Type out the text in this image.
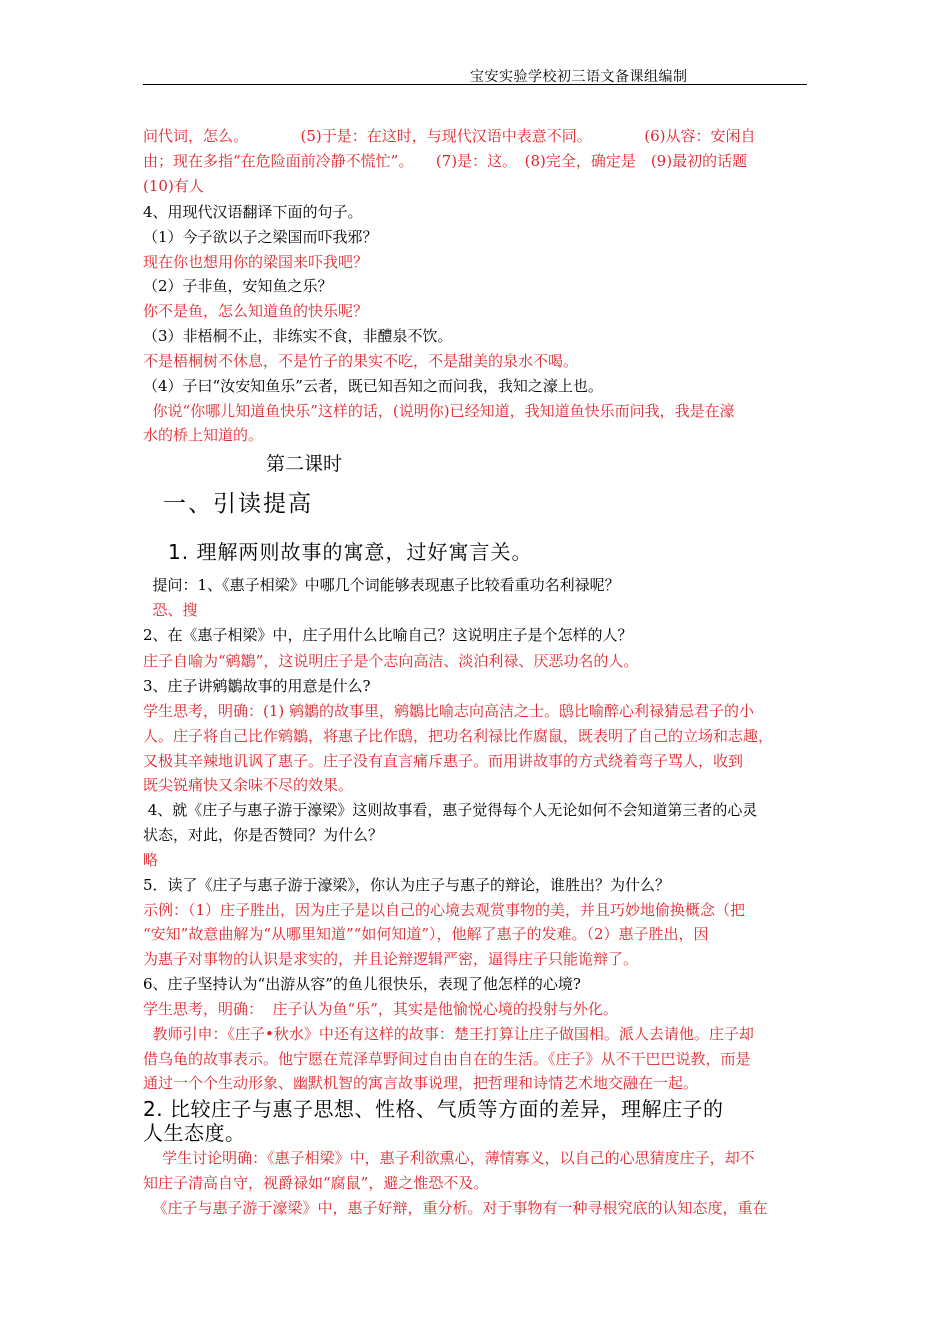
宝安实验学校初三语文备课组编制
问代词，怎么。　　　　(5)于是：在这时，与现代汉语中表意不同。　　　　(6)从容：安闲自
由；现在多指“在危险面前冷静不慌忙”。　　(7)是：这。　(8)完全，确定是　(9)最初的话题
(10)有人
4、用现代汉语翻译下面的句子。
（1）今子欲以子之梁国而吓我邪？
现在你也想用你的梁国来吓我吧？
（2）子非鱼，安知鱼之乐？
你不是鱼，怎么知道鱼的快乐呢？
（3）非梧桐不止，非练实不食，非醴泉不饮。
不是梧桐树不休息，不是竹子的果实不吃，不是甜美的泉水不喝。
（4）子曰“汝安知鱼乐”云者，既已知吾知之而问我，我知之濠上也。
你说“你哪儿知道鱼快乐”这样的话，(说明你)已经知道，我知道鱼快乐而问我，我是在濠
水的桥上知道的。
第二课时
一、引读提高
1. 理解两则故事的寓意，过好寓言关。
提问：1、《惠子相梁》中哪几个词能够表现惠子比较看重功名利禄呢？
恐、搜
2、在《惠子相梁》中，庄子用什么比喻自己？这说明庄子是个怎样的人？
庄子自喻为“鹓鶵”，这说明庄子是个志向高洁、淡泊利禄、厌恶功名的人。
3、庄子讲鹓鶵故事的用意是什么?
学生思考，明确：(1) 鹓鶵的故事里，鹓鶵比喻志向高洁之士。鸱比喻醉心利禄猜忌君子的小
人。庄子将自己比作鹓鶵，将惠子比作鸱，把功名利禄比作腐鼠，既表明了自己的立场和志趣，
又极其辛辣地讥讽了惠子。庄子没有直言痛斥惠子。而用讲故事的方式绕着弯子骂人，收到
既尖锐痛快又余味不尽的效果。
4、就《庄子与惠子游于濠梁》这则故事看，惠子觉得每个人无论如何不会知道第三者的心灵
状态，对此，你是否赞同？为什么？
略
5．读了《庄子与惠子游于濠梁》，你认为庄子与惠子的辩论，谁胜出？为什么？
示例：（1）庄子胜出，因为庄子是以自己的心境去观赏事物的美，并且巧妙地偷换概念（把
“安知”故意曲解为“从哪里知道”“如何知道”），他解了惠子的发难。（2）惠子胜出，因
为惠子对事物的认识是求实的，并且论辩逻辑严密，逼得庄子只能诡辩了。
6、庄子坚持认为“出游从容”的鱼儿很快乐，表现了他怎样的心境?
学生思考，明确：  庄子认为鱼“乐”，其实是他愉悦心境的投射与外化。
教师引申：《庄子•秋水》中还有这样的故事：楚王打算让庄子做国相。派人去请他。庄子却
借乌龟的故事表示。他宁愿在荒泽草野间过自由自在的生活。《庄子》从不干巴巴说教，而是
通过一个个生动形象、幽默机智的寓言故事说理，把哲理和诗情艺术地交融在一起。
2. 比较庄子与惠子思想、性格、气质等方面的差异，理解庄子的
人生态度。
学生讨论明确：《惠子相梁》中，惠子利欲熏心，薄情寡义，以自己的心思猜度庄子，却不
知庄子清高自守，视爵禄如“腐鼠”，避之惟恐不及。
《庄子与惠子游于濠梁》中，惠子好辩，重分析。对于事物有一种寻根究底的认知态度，重在
